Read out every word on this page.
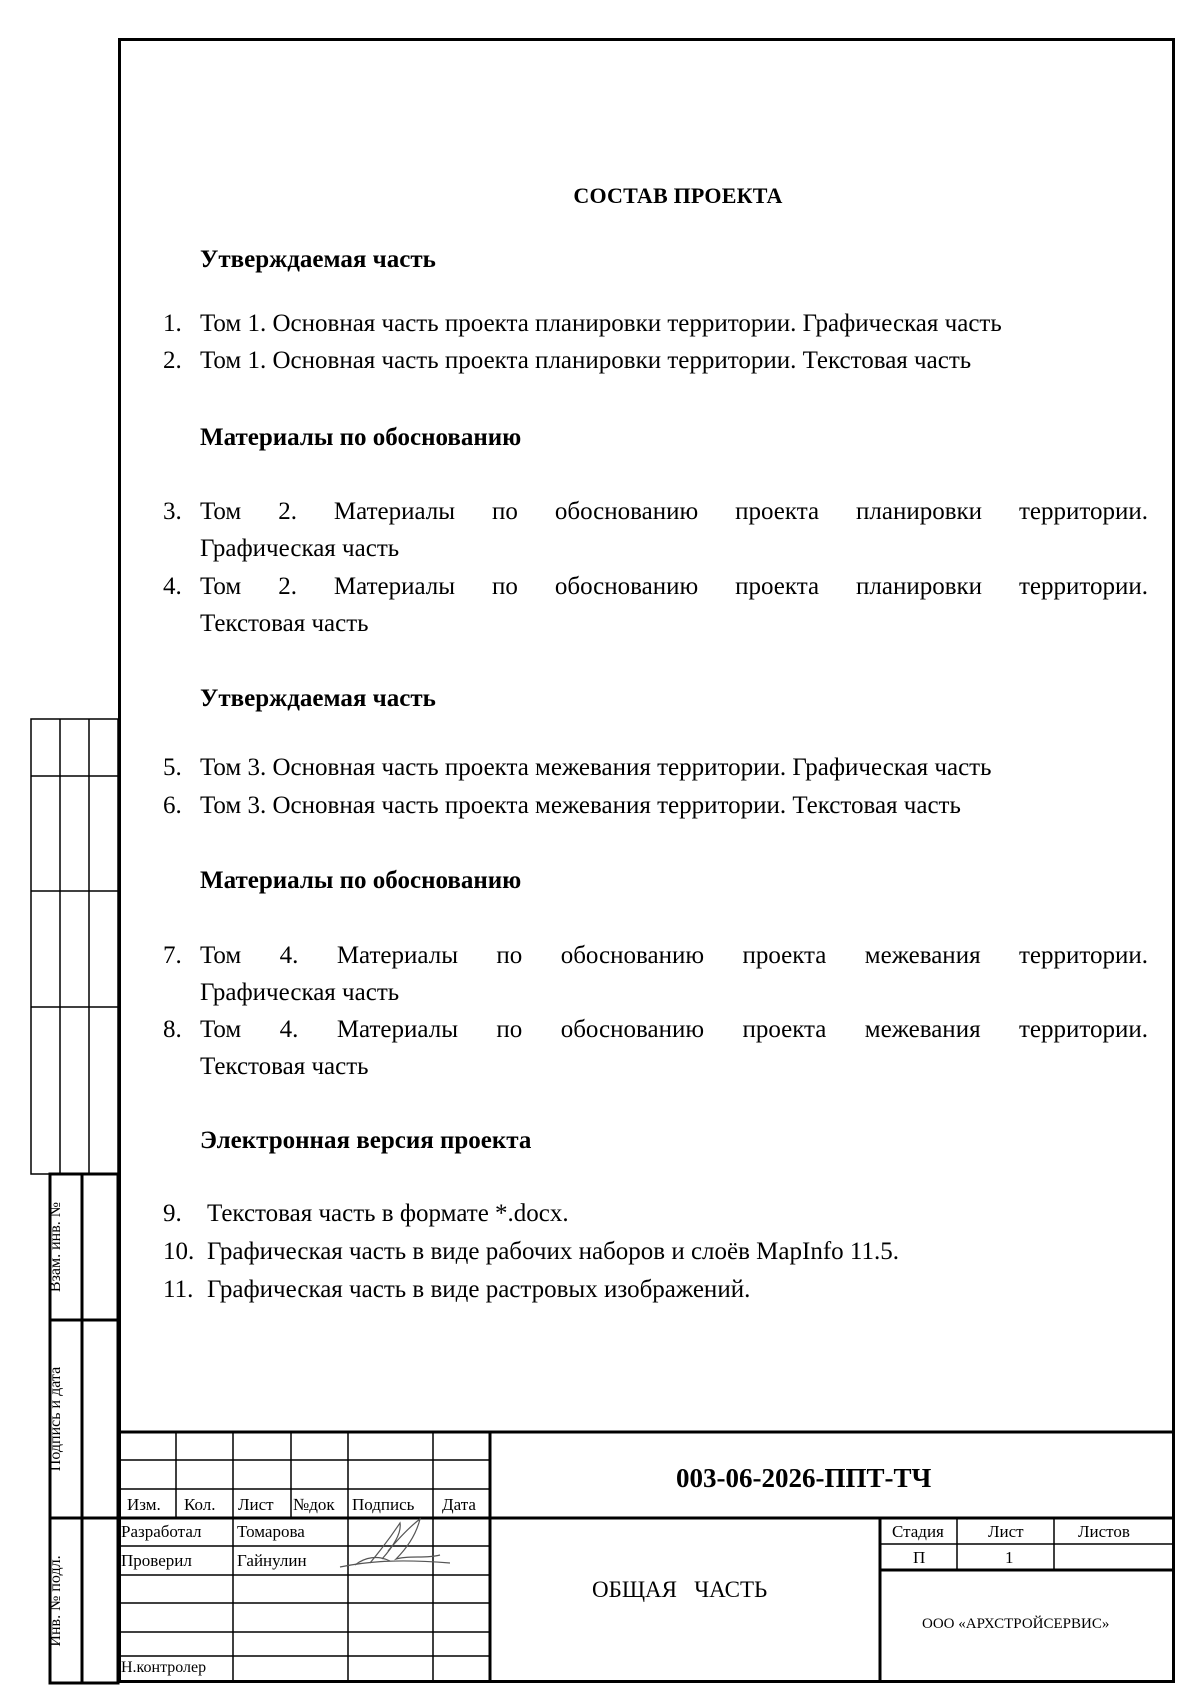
СОСТАВ ПРОЕКТА
Утверждаемая часть
1. Том 1. Основная часть проекта планировки территории. Графическая часть
2. Том 1. Основная часть проекта планировки территории. Текстовая часть
Материалы по обоснованию
3. Том 2. Материалы по обоснованию проекта планировки территории.
Графическая часть
4. Том 2. Материалы по обоснованию проекта планировки территории.
Текстовая часть
Утверждаемая часть
5. Том 3. Основная часть проекта межевания территории. Графическая часть
6. Том 3. Основная часть проекта межевания территории. Текстовая часть
Материалы по обоснованию
7. Том 4. Материалы по обоснованию проекта межевания территории.
Графическая часть
8. Том 4. Материалы по обоснованию проекта межевания территории.
Текстовая часть
Электронная версия проекта
9. Текстовая часть в формате *.docx.
10. Графическая часть в виде рабочих наборов и слоёв MapInfo 11.5.
11. Графическая часть в виде растровых изображений.
Взам. инв. №
Подпись и дата
Инв. № подл.
003-06-2026-ППТ-ТЧ
Изм. Кол. Лист №док Подпись Дата
Разработал Томарова
Проверил	Гайнулин
Н.контролер
ОБЩАЯ   ЧАСТЬ
Стадия	Лист	Листов
П	1
ООО «АРХСТРОЙСЕРВИС»
